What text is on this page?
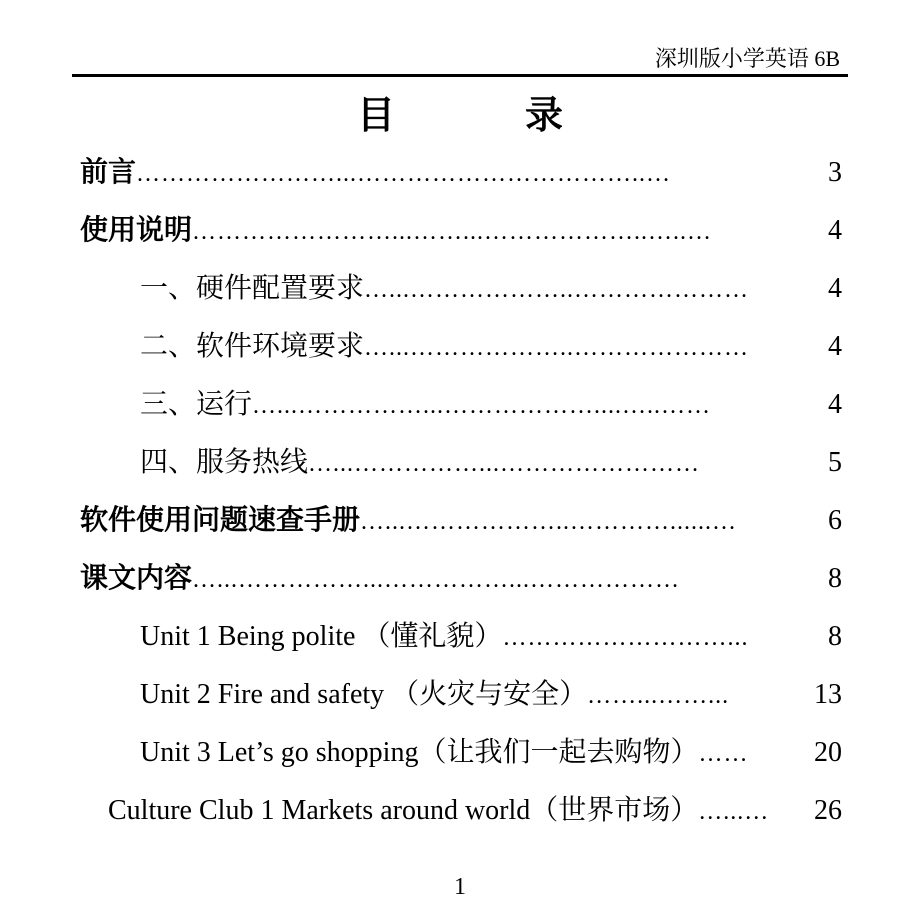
深圳版小学英语 6B
目录
前言 ……………………...……………………………..…	3
使用说明 ……………………...……...………………..…..…	4
一、硬件配置要求 …...………………..…………………	4
二、软件环境要求 …...………………..…………………	4
三、运行 …...……………...………………....…..……	4
四、服务热线 …...……………...……………………	5
软件使用问题速查手册 …...………………..…………......…	6
课文内容 …...……………...……………...………………	8
Unit 1 Being polite （懂礼貌） ………………………...	8
Unit 2 Fire and safety （火灾与安全） ……...……...	13
Unit 3 Let’s go shopping（让我们一起去购物） ……	20
Culture Club 1 Markets around world（世界市场） …...…	26
1
